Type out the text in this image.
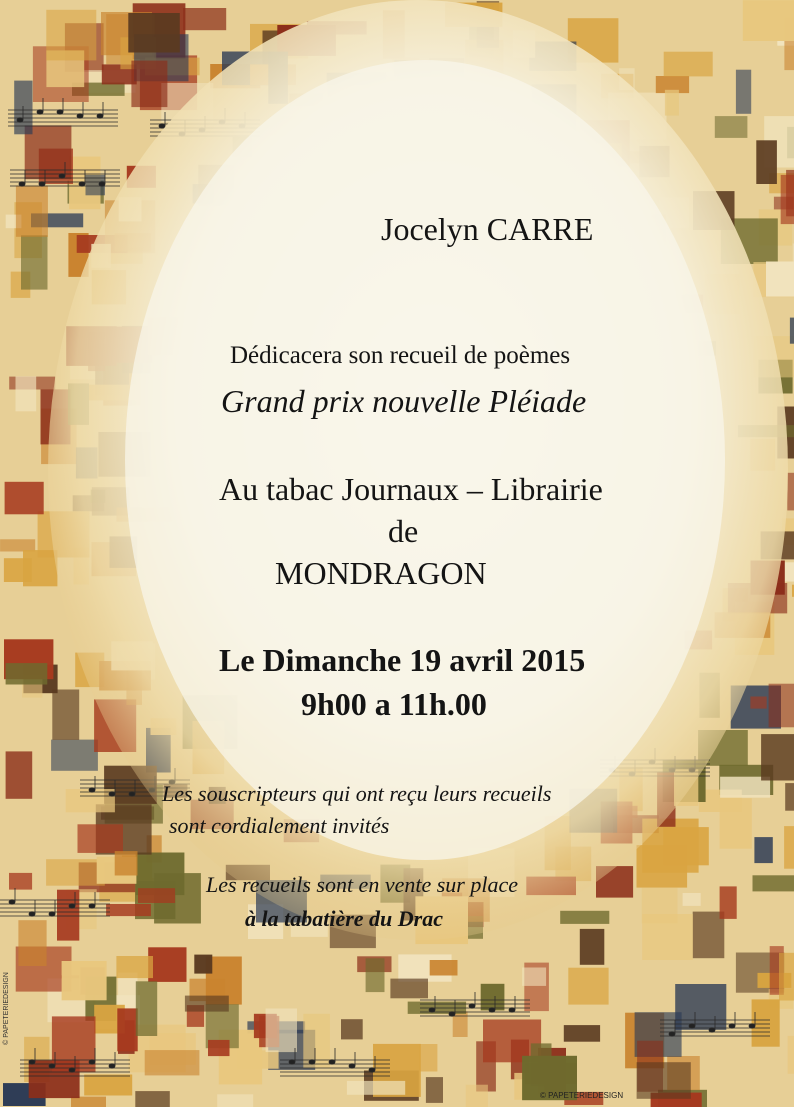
Jocelyn CARRE

Dédicacera son recueil de poèmes

Grand prix nouvelle Pléiade

Au tabac Journaux – Librairie

de

MONDRAGON

Le Dimanche 19 avril 2015

9h00 a 11h.00

Les souscripteurs qui ont reçu leurs recueils

sont cordialement invités

Les recueils sont en vente sur place

à la tabatière du Drac

© PAPETERIEDESIGN
© PAPETERIEDESIGN
